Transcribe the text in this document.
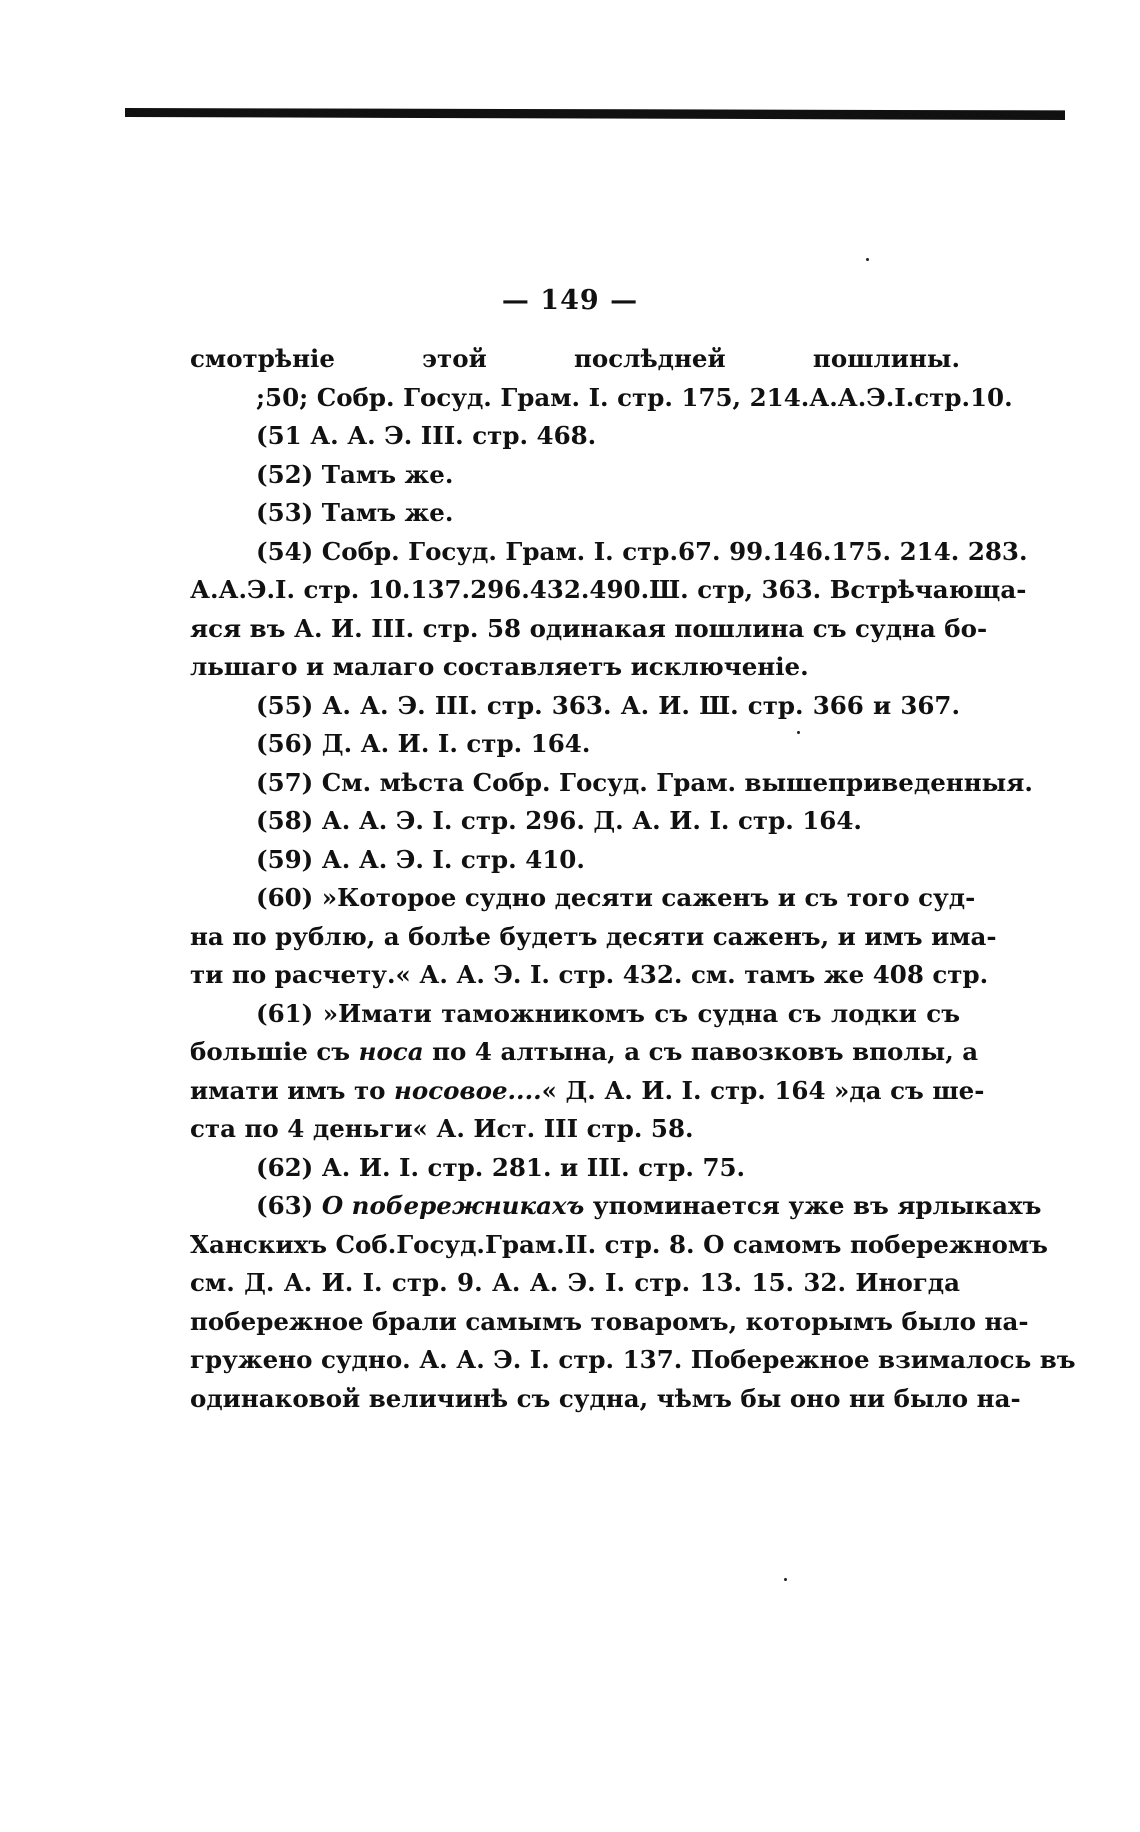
— 149 —
смотрѣніе этой послѣдней пошлины.
;50; Собр. Госуд. Грам. I. стр. 175, 214.А.А.Э.I.стр.10.
(51 А. А. Э. III. стр. 468.
(52) Тамъ же.
(53) Тамъ же.
(54) Собр. Госуд. Грам. I. стр.67. 99.146.175. 214. 283.
А.А.Э.I. стр. 10.137.296.432.490.Ш. стр, 363. Встрѣчающа-
яся въ А. И. III. стр. 58 одинакая пошлина съ судна бо-
льшаго и малаго составляетъ исключеніе.
(55) А. А. Э. III. стр. 363. А. И. Ш. стр. 366 и 367.
(56) Д. А. И. I. стр. 164.
(57) См. мѣста Собр. Госуд. Грам. вышеприведенныя.
(58) А. А. Э. I. стр. 296. Д. А. И. I. стр. 164.
(59) А. А. Э. I. стр. 410.
(60) »Которое судно десяти саженъ и съ того суд-
на по рублю, а болѣе будетъ десяти саженъ, и имъ има-
ти по расчету.« А. А. Э. I. стр. 432. см. тамъ же 408 стр.
(61) »Имати таможникомъ съ судна съ лодки съ
большіе съ носа по 4 алтына, а съ павозковъ вполы, а
имати имъ то носовое....« Д. А. И. I. стр. 164 »да съ ше-
ста по 4 деньги« А. Ист. III стр. 58.
(62) А. И. I. стр. 281. и III. стр. 75.
(63) О побережникахъ упоминается уже въ ярлыкахъ
Ханскихъ Соб.Госуд.Грам.II. стр. 8. О самомъ побережномъ
см. Д. А. И. I. стр. 9. А. А. Э. I. стр. 13. 15. 32. Иногда
побережное брали самымъ товаромъ, которымъ было на-
гружено судно. А. А. Э. I. стр. 137. Побережное взималось въ
одинаковой величинѣ съ судна, чѣмъ бы оно ни было на-
